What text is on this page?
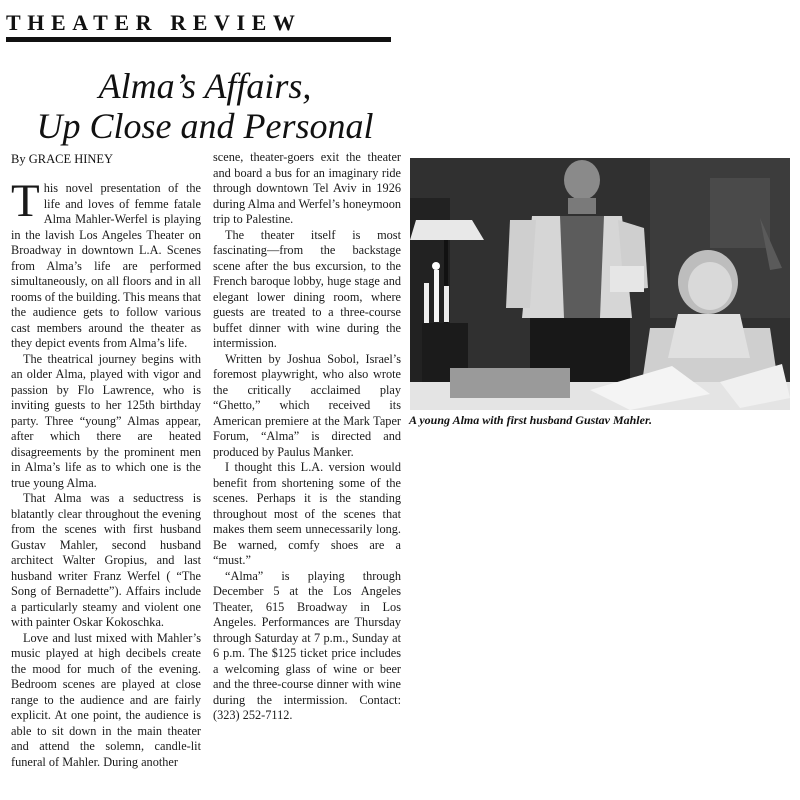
THEATER REVIEW
Alma’s Affairs,
Up Close and Personal
By GRACE HINEY

This novel presentation of the life and loves of femme fatale Alma Mahler-Werfel is playing in the lavish Los Angeles Theater on Broadway in downtown L.A. Scenes from Alma’s life are performed simultaneously, on all floors and in all rooms of the building. This means that the audience gets to follow various cast members around the theater as they depict events from Alma’s life.

The theatrical journey begins with an older Alma, played with vigor and passion by Flo Lawrence, who is inviting guests to her 125th birthday party. Three “young” Almas appear, after which there are heated disagreements by the prominent men in Alma’s life as to which one is the true young Alma.

That Alma was a seductress is blatantly clear throughout the evening from the scenes with first husband Gustav Mahler, second husband architect Walter Gropius, and last husband writer Franz Werfel ( “The Song of Bernadette”). Affairs include a particularly steamy and violent one with painter Oskar Kokoschka.

Love and lust mixed with Mahler’s music played at high decibels create the mood for much of the evening. Bedroom scenes are played at close range to the audience and are fairly explicit. At one point, the audience is able to sit down in the main theater and attend the solemn, candle-lit funeral of Mahler. During another

scene, theater-goers exit the theater and board a bus for an imaginary ride through downtown Tel Aviv in 1926 during Alma and Werfel’s honeymoon trip to Palestine.

The theater itself is most fascinating—from the backstage scene after the bus excursion, to the French baroque lobby, huge stage and elegant lower dining room, where guests are treated to a three-course buffet dinner with wine during the intermission.

Written by Joshua Sobol, Israel’s foremost playwright, who also wrote the critically acclaimed play “Ghetto,” which received its American premiere at the Mark Taper Forum, “Alma” is directed and produced by Paulus Manker.

I thought this L.A. version would benefit from shortening some of the scenes. Perhaps it is the standing throughout most of the scenes that makes them seem unnecessarily long. Be warned, comfy shoes are a “must.”

“Alma” is playing through December 5 at the Los Angeles Theater, 615 Broadway in Los Angeles. Performances are Thursday through Saturday at 7 p.m., Sunday at 6 p.m. The $125 ticket price includes a welcoming glass of wine or beer and the three-course dinner with wine during the intermission. Contact: (323) 252-7112.

A young Alma with first husband Gustav Mahler.
